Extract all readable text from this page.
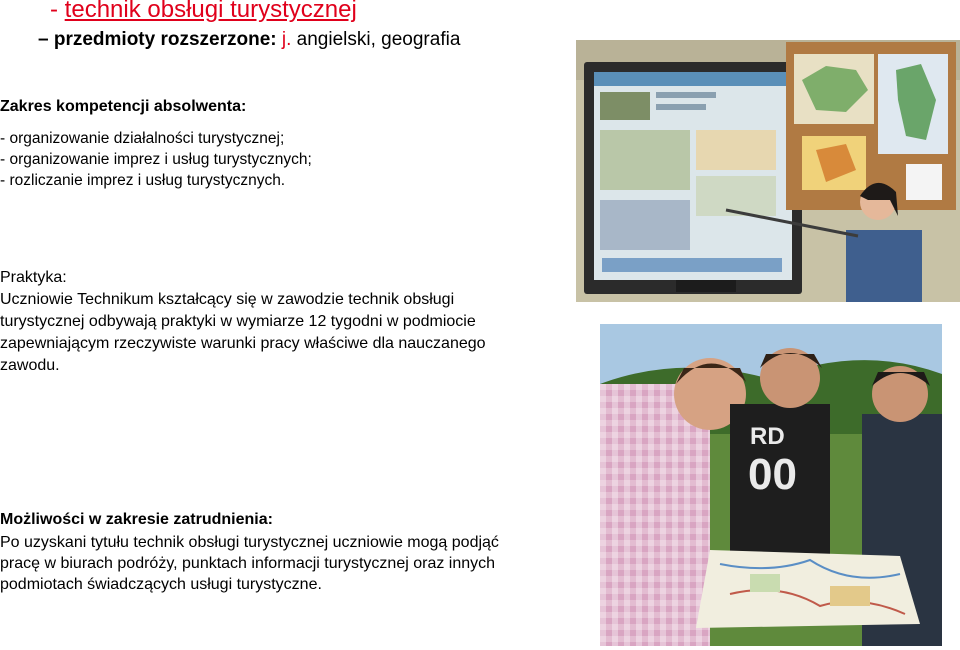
- technik obsługi turystycznej
– przedmioty rozszerzone: j. angielski, geografia
Zakres kompetencji absolwenta:
- organizowanie działalności turystycznej;
- organizowanie imprez i usług turystycznych;
- rozliczanie imprez i usług turystycznych.
Praktyka:
Uczniowie Technikum kształcący się w zawodzie technik obsługi
turystycznej odbywają praktyki w wymiarze 12 tygodni w podmiocie
zapewniającym rzeczywiste warunki pracy właściwe dla nauczanego
zawodu.
Możliwości w zakresie zatrudnienia:
Po uzyskani tytułu technik obsługi turystycznej uczniowie mogą podjąć
pracę w biurach podróży, punktach informacji turystycznej oraz innych
podmiotach świadczących usługi turystyczne.
RD
00
